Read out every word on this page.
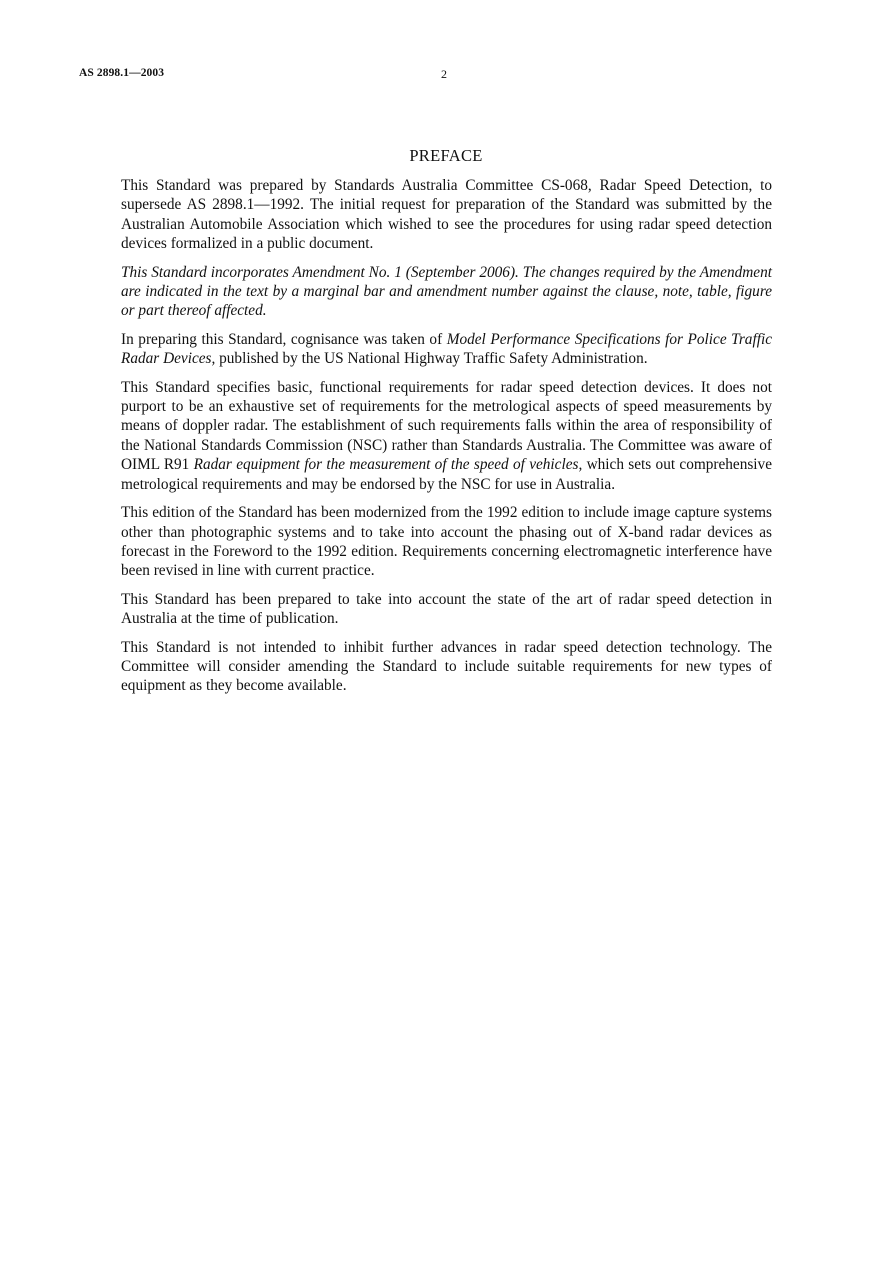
AS 2898.1—2003	2
PREFACE

This Standard was prepared by Standards Australia Committee CS-068, Radar Speed Detection, to supersede AS 2898.1—1992. The initial request for preparation of the Standard was submitted by the Australian Automobile Association which wished to see the procedures for using radar speed detection devices formalized in a public document.

This Standard incorporates Amendment No. 1 (September 2006). The changes required by the Amendment are indicated in the text by a marginal bar and amendment number against the clause, note, table, figure or part thereof affected.

In preparing this Standard, cognisance was taken of Model Performance Specifications for Police Traffic Radar Devices, published by the US National Highway Traffic Safety Administration.

This Standard specifies basic, functional requirements for radar speed detection devices. It does not purport to be an exhaustive set of requirements for the metrological aspects of speed measurements by means of doppler radar. The establishment of such requirements falls within the area of responsibility of the National Standards Commission (NSC) rather than Standards Australia. The Committee was aware of OIML R91 Radar equipment for the measurement of the speed of vehicles, which sets out comprehensive metrological requirements and may be endorsed by the NSC for use in Australia.

This edition of the Standard has been modernized from the 1992 edition to include image capture systems other than photographic systems and to take into account the phasing out of X-band radar devices as forecast in the Foreword to the 1992 edition. Requirements concerning electromagnetic interference have been revised in line with current practice.

This Standard has been prepared to take into account the state of the art of radar speed detection in Australia at the time of publication.

This Standard is not intended to inhibit further advances in radar speed detection technology. The Committee will consider amending the Standard to include suitable requirements for new types of equipment as they become available.
